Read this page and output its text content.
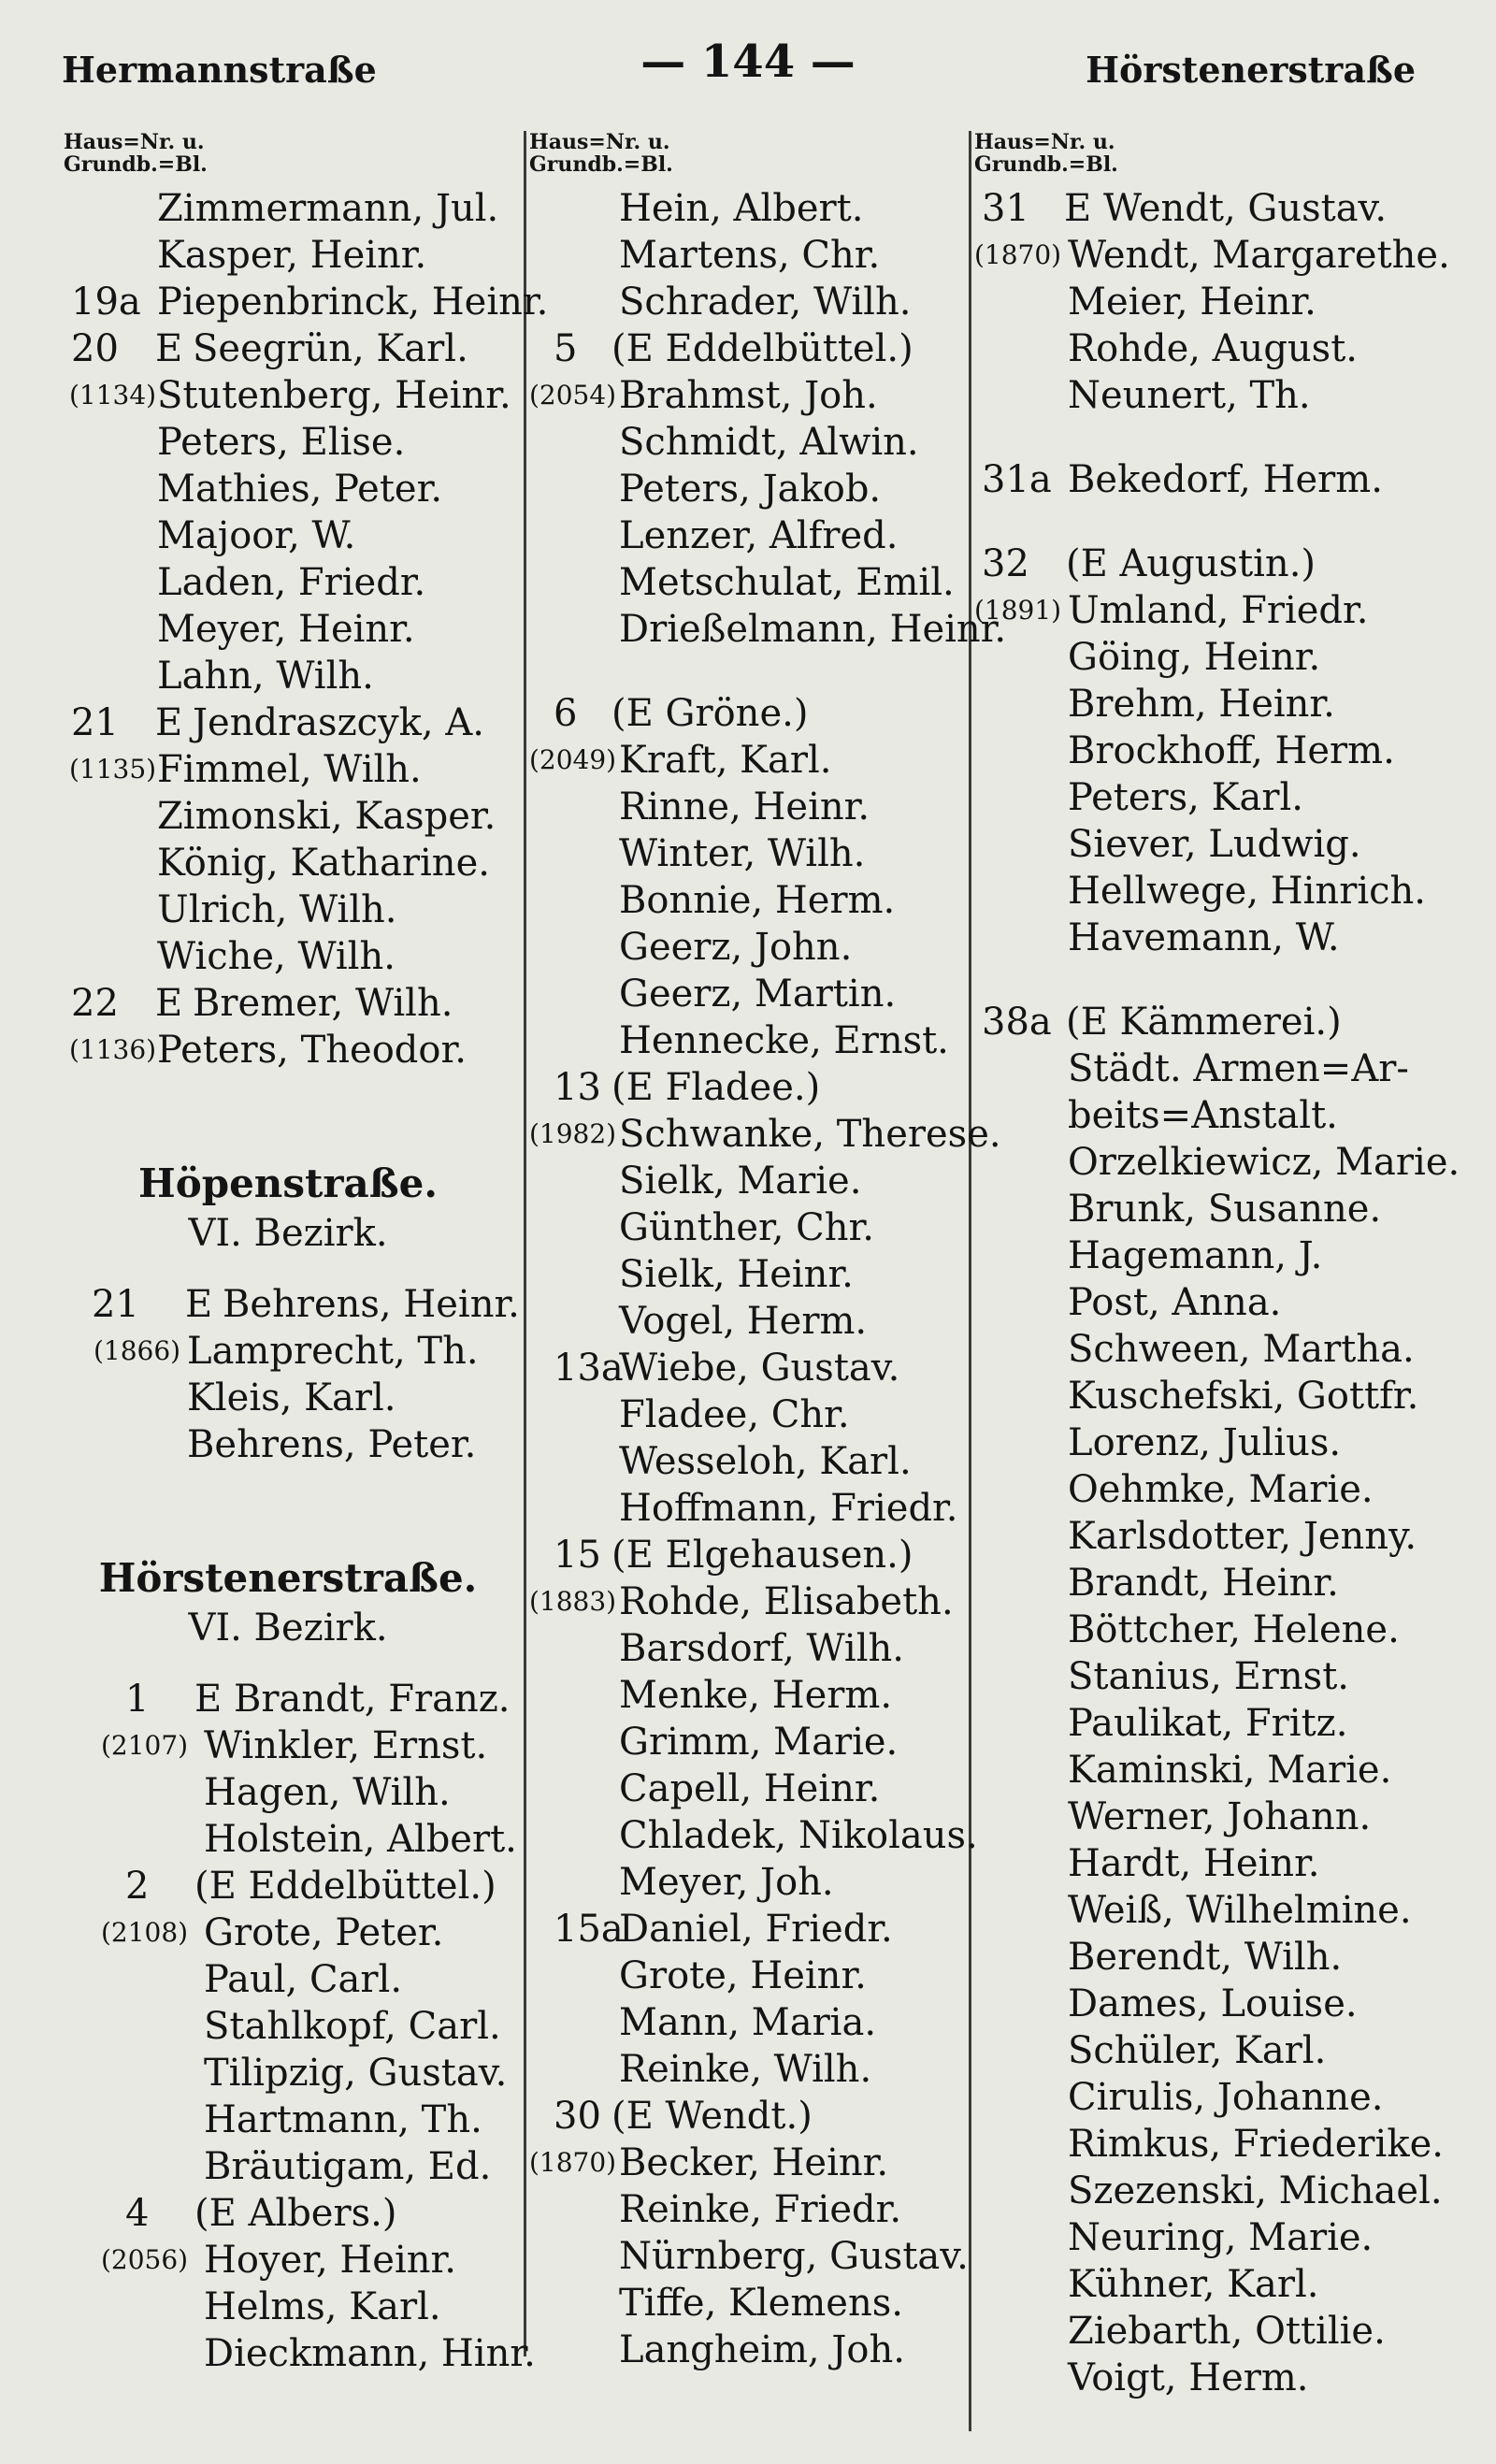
Hermannstraße	— 144 —	Hörstenerstraße
Haus=Nr. u.
Grundb.=Bl.
Zimmermann, Jul.
Kasper, Heinr.
19a Piepenbrinck, Heinr.
20 E Seegrün, Karl.
(1134) Stutenberg, Heinr.
Peters, Elise.
Mathies, Peter.
Majoor, W.
Laden, Friedr.
Meyer, Heinr.
Lahn, Wilh.
21 E Jendraszcyk, A.
(1135) Fimmel, Wilh.
Zimonski, Kasper.
König, Katharine.
Ulrich, Wilh.
Wiche, Wilh.
22 E Bremer, Wilh.
(1136) Peters, Theodor.
Höpenstraße.
VI. Bezirk.
21 E Behrens, Heinr.
(1866) Lamprecht, Th.
Kleis, Karl.
Behrens, Peter.
Hörstenerstraße.
VI. Bezirk.
1 E Brandt, Franz.
(2107) Winkler, Ernst.
Hagen, Wilh.
Holstein, Albert.
2 (E Eddelbüttel.)
(2108) Grote, Peter.
Paul, Carl.
Stahlkopf, Carl.
Tilipzig, Gustav.
Hartmann, Th.
Bräutigam, Ed.
4 (E Albers.)
(2056) Hoyer, Heinr.
Helms, Karl.
Dieckmann, Hinr.
Haus=Nr. u.
Grundb.=Bl.
Hein, Albert.
Martens, Chr.
Schrader, Wilh.
5 (E Eddelbüttel.)
(2054) Brahmst, Joh.
Schmidt, Alwin.
Peters, Jakob.
Lenzer, Alfred.
Metschulat, Emil.
Drießelmann, Heinr.
6 (E Gröne.)
(2049) Kraft, Karl.
Rinne, Heinr.
Winter, Wilh.
Bonnie, Herm.
Geerz, John.
Geerz, Martin.
Hennecke, Ernst.
13 (E Fladee.)
(1982) Schwanke, Therese.
Sielk, Marie.
Günther, Chr.
Sielk, Heinr.
Vogel, Herm.
13a
Wiebe, Gustav.
Fladee, Chr.
Wesseloh, Karl.
Hoffmann, Friedr.
15 (E Elgehausen.)
(1883) Rohde, Elisabeth.
Barsdorf, Wilh.
Menke, Herm.
Grimm, Marie.
Capell, Heinr.
Chladek, Nikolaus.
Meyer, Joh.
15a
Daniel, Friedr.
Grote, Heinr.
Mann, Maria.
Reinke, Wilh.
30 (E Wendt.)
(1870) Becker, Heinr.
Reinke, Friedr.
Nürnberg, Gustav.
Tiffe, Klemens.
Langheim, Joh.
Haus=Nr. u.
Grundb.=Bl.
31 E Wendt, Gustav.
(1870) Wendt, Margarethe.
Meier, Heinr.
Rohde, August.
Neunert, Th.
31a Bekedorf, Herm.
32 (E Augustin.)
(1891) Umland, Friedr.
Göing, Heinr.
Brehm, Heinr.
Brockhoff, Herm.
Peters, Karl.
Siever, Ludwig.
Hellwege, Hinrich.
Havemann, W.
38a (E Kämmerei.)
Städt. Armen=Ar-
beits=Anstalt.
Orzelkiewicz, Marie.
Brunk, Susanne.
Hagemann, J.
Post, Anna.
Schween, Martha.
Kuschefski, Gottfr.
Lorenz, Julius.
Oehmke, Marie.
Karlsdotter, Jenny.
Brandt, Heinr.
Böttcher, Helene.
Stanius, Ernst.
Paulikat, Fritz.
Kaminski, Marie.
Werner, Johann.
Hardt, Heinr.
Weiß, Wilhelmine.
Berendt, Wilh.
Dames, Louise.
Schüler, Karl.
Cirulis, Johanne.
Rimkus, Friederike.
Szezenski, Michael.
Neuring, Marie.
Kühner, Karl.
Ziebarth, Ottilie.
Voigt, Herm.
